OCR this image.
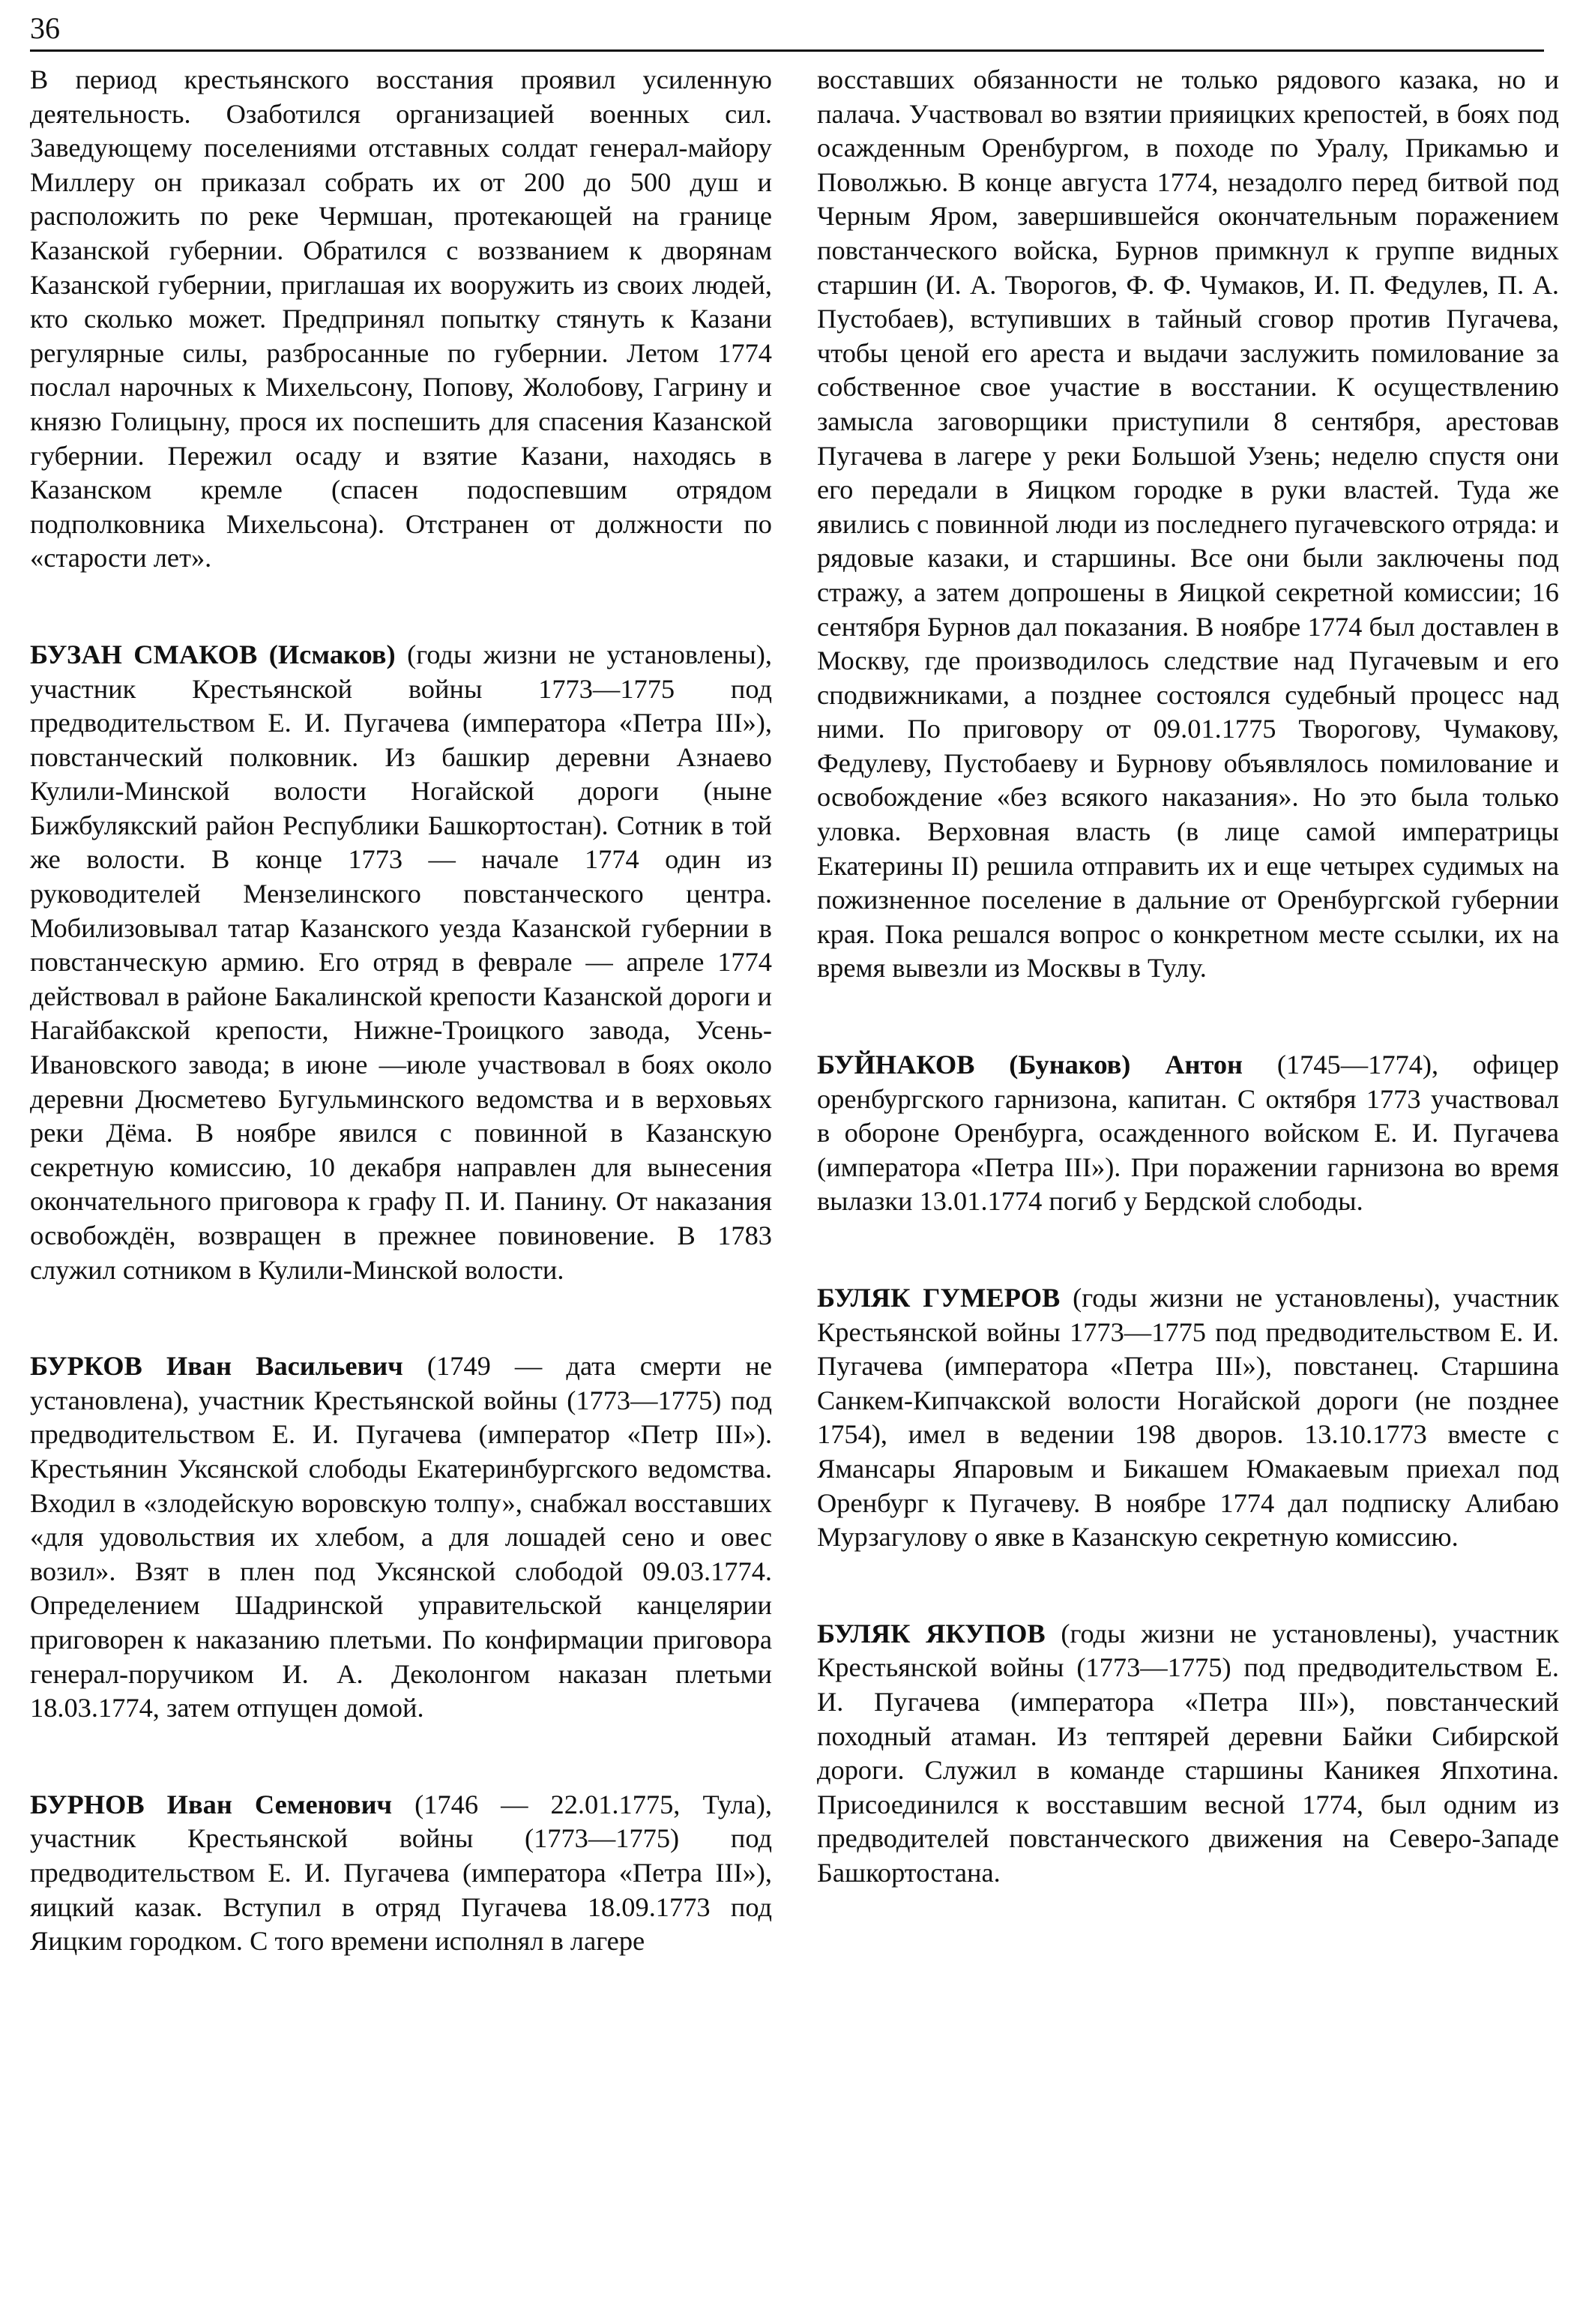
36

В период крестьянского восстания проявил усиленную деятельность. Озаботился организацией военных сил. Заведующему поселениями отставных солдат генерал-майору Миллеру он приказал собрать их от 200 до 500 душ и расположить по реке Чермшан, протекающей на границе Казанской губернии. Обратился с воззванием к дворянам Казанской губернии, приглашая их вооружить из своих людей, кто сколько может. Предпринял попытку стянуть к Казани регулярные силы, разбросанные по губернии. Летом 1774 послал нарочных к Михельсону, Попову, Жолобову, Гагрину и князю Голицыну, прося их поспешить для спасения Казанской губернии. Пережил осаду и взятие Казани, находясь в Казанском кремле (спасен подоспевшим отрядом подполковника Михельсона). Отстранен от должности по «старости лет».

БУЗАН СМАКОВ (Исмаков) (годы жизни не установлены), участник Крестьянской войны 1773—1775 под предводительством Е. И. Пугачева (императора «Петра III»), повстанческий полковник. Из башкир деревни Азнаево Кулили-Минской волости Ногайской дороги (ныне Бижбулякский район Республики Башкортостан). Сотник в той же волости. В конце 1773 — начале 1774 один из руководителей Мензелинского повстанческого центра. Мобилизовывал татар Казанского уезда Казанской губернии в повстанческую армию. Его отряд в феврале — апреле 1774 действовал в районе Бакалинской крепости Казанской дороги и Нагайбакской крепости, Нижне-Троицкого завода, Усень-Ивановского завода; в июне —июле участвовал в боях около деревни Дюсметево Бугульминского ведомства и в верховьях реки Дёма. В ноябре явился с повинной в Казанскую секретную комиссию, 10 декабря направлен для вынесения окончательного приговора к графу П. И. Панину. От наказания освобождён, возвращен в прежнее повиновение. В 1783 служил сотником в Кулили-Минской волости.

БУРКОВ Иван Васильевич (1749 — дата смерти не установлена), участник Крестьянской войны (1773—1775) под предводительством Е. И. Пугачева (император «Петр III»). Крестьянин Уксянской слободы Екатеринбургского ведомства. Входил в «злодейскую воровскую толпу», снабжал восставших «для удовольствия их хлебом, а для лошадей сено и овес возил». Взят в плен под Уксянской слободой 09.03.1774. Определением Шадринской управительской канцелярии приговорен к наказанию плетьми. По конфирмации приговора генерал-поручиком И. А. Деколонгом наказан плетьми 18.03.1774, затем отпущен домой.

БУРНОВ Иван Семенович (1746 — 22.01.1775, Тула), участник Крестьянской войны (1773—1775) под предводительством Е. И. Пугачева (императора «Петра III»), яицкий казак. Вступил в отряд Пугачева 18.09.1773 под Яицким городком. С того времени исполнял в лагере

восставших обязанности не только рядового казака, но и палача. Участвовал во взятии прияицких крепостей, в боях под осажденным Оренбургом, в походе по Уралу, Прикамью и Поволжью. В конце августа 1774, незадолго перед битвой под Черным Яром, завершившейся окончательным поражением повстанческого войска, Бурнов примкнул к группе видных старшин (И. А. Творогов, Ф. Ф. Чумаков, И. П. Федулев, П. А. Пустобаев), вступивших в тайный сговор против Пугачева, чтобы ценой его ареста и выдачи заслужить помилование за собственное свое участие в восстании. К осуществлению замысла заговорщики приступили 8 сентября, арестовав Пугачева в лагере у реки Большой Узень; неделю спустя они его передали в Яицком городке в руки властей. Туда же явились с повинной люди из последнего пугачевского отряда: и рядовые казаки, и старшины. Все они были заключены под стражу, а затем допрошены в Яицкой секретной комиссии; 16 сентября Бурнов дал показания. В ноябре 1774 был доставлен в Москву, где производилось следствие над Пугачевым и его сподвижниками, а позднее состоялся судебный процесс над ними. По приговору от 09.01.1775 Творогову, Чумакову, Федулеву, Пустобаеву и Бурнову объявлялось помилование и освобождение «без всякого наказания». Но это была только уловка. Верховная власть (в лице самой императрицы Екатерины II) решила отправить их и еще четырех судимых на пожизненное поселение в дальние от Оренбургской губернии края. Пока решался вопрос о конкретном месте ссылки, их на время вывезли из Москвы в Тулу.

БУЙНАКОВ (Бунаков) Антон (1745—1774), офицер оренбургского гарнизона, капитан. С октября 1773 участвовал в обороне Оренбурга, осажденного войском Е. И. Пугачева (императора «Петра III»). При поражении гарнизона во время вылазки 13.01.1774 погиб у Бердской слободы.

БУЛЯК ГУМЕРОВ (годы жизни не установлены), участник Крестьянской войны 1773—1775 под предводительством Е. И. Пугачева (императора «Петра III»), повстанец. Старшина Санкем-Кипчакской волости Ногайской дороги (не позднее 1754), имел в ведении 198 дворов. 13.10.1773 вместе с Ямансары Япаровым и Бикашем Юмакаевым приехал под Оренбург к Пугачеву. В ноябре 1774 дал подписку Алибаю Мурзагулову о явке в Казанскую секретную комиссию.

БУЛЯК ЯКУПОВ (годы жизни не установлены), участник Крестьянской войны (1773—1775) под предводительством Е. И. Пугачева (императора «Петра III»), повстанческий походный атаман. Из тептярей деревни Байки Сибирской дороги. Служил в команде старшины Каникея Япхотина. Присоединился к восставшим весной 1774, был одним из предводителей повстанческого движения на Северо-Западе Башкортостана.
